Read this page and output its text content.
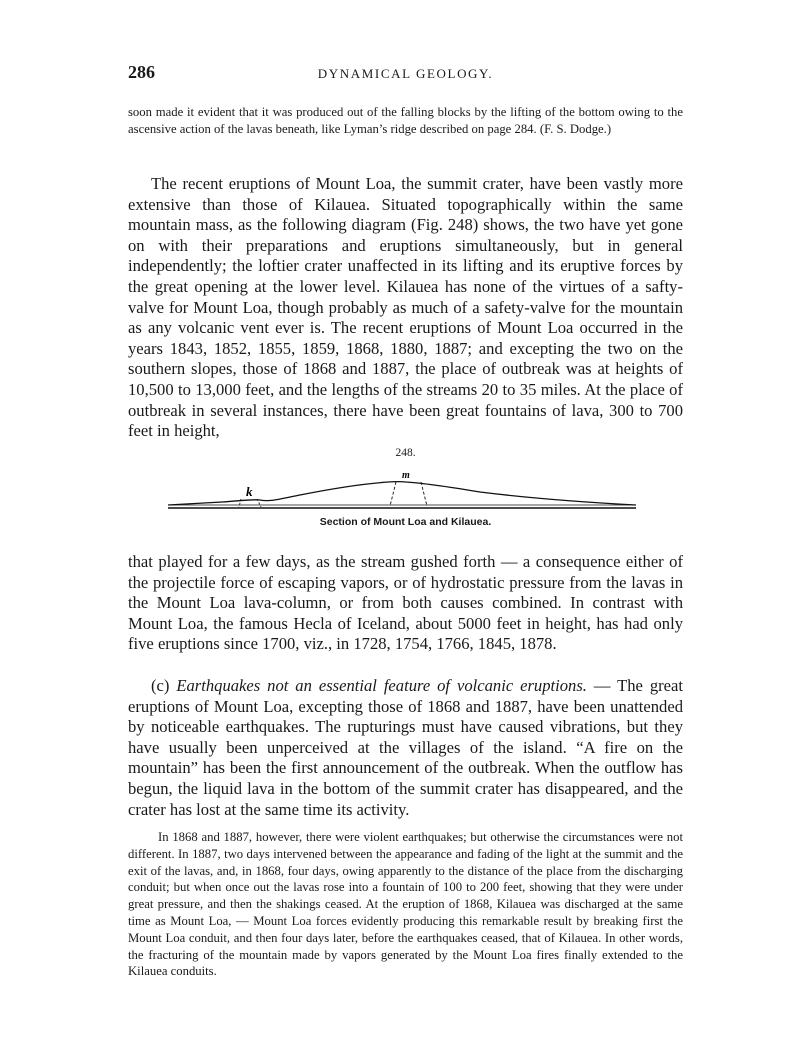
286	DYNAMICAL GEOLOGY.

soon made it evident that it was produced out of the falling blocks by the lifting of the bottom owing to the ascensive action of the lavas beneath, like Lyman’s ridge described on page 284. (F. S. Dodge.)

The recent eruptions of Mount Loa, the summit crater, have been vastly more extensive than those of Kilauea. Situated topographically within the same mountain mass, as the following diagram (Fig. 248) shows, the two have yet gone on with their preparations and eruptions simultaneously, but in general independently; the loftier crater unaffected in its lifting and its eruptive forces by the great opening at the lower level. Kilauea has none of the virtues of a safty-valve for Mount Loa, though probably as much of a safety-valve for the mountain as any volcanic vent ever is. The recent eruptions of Mount Loa occurred in the years 1843, 1852, 1855, 1859, 1868, 1880, 1887; and excepting the two on the southern slopes, those of 1868 and 1887, the place of outbreak was at heights of 10,500 to 13,000 feet, and the lengths of the streams 20 to 35 miles. At the place of outbreak in several instances, there have been great fountains of lava, 300 to 700 feet in height,

248.
k
m
Section of Mount Loa and Kilauea.

that played for a few days, as the stream gushed forth — a consequence either of the projectile force of escaping vapors, or of hydrostatic pressure from the lavas in the Mount Loa lava-column, or from both causes combined. In contrast with Mount Loa, the famous Hecla of Iceland, about 5000 feet in height, has had only five eruptions since 1700, viz., in 1728, 1754, 1766, 1845, 1878.

(c) Earthquakes not an essential feature of volcanic eruptions. — The great eruptions of Mount Loa, excepting those of 1868 and 1887, have been unattended by noticeable earthquakes. The rupturings must have caused vibrations, but they have usually been unperceived at the villages of the island. “A fire on the mountain” has been the first announcement of the outbreak. When the outflow has begun, the liquid lava in the bottom of the summit crater has disappeared, and the crater has lost at the same time its activity.

In 1868 and 1887, however, there were violent earthquakes; but otherwise the circumstances were not different. In 1887, two days intervened between the appearance and fading of the light at the summit and the exit of the lavas, and, in 1868, four days, owing apparently to the distance of the place from the discharging conduit; but when once out the lavas rose into a fountain of 100 to 200 feet, showing that they were under great pressure, and then the shakings ceased. At the eruption of 1868, Kilauea was discharged at the same time as Mount Loa, — Mount Loa forces evidently producing this remarkable result by breaking first the Mount Loa conduit, and then four days later, before the earthquakes ceased, that of Kilauea. In other words, the fracturing of the mountain made by vapors generated by the Mount Loa fires finally extended to the Kilauea conduits.
